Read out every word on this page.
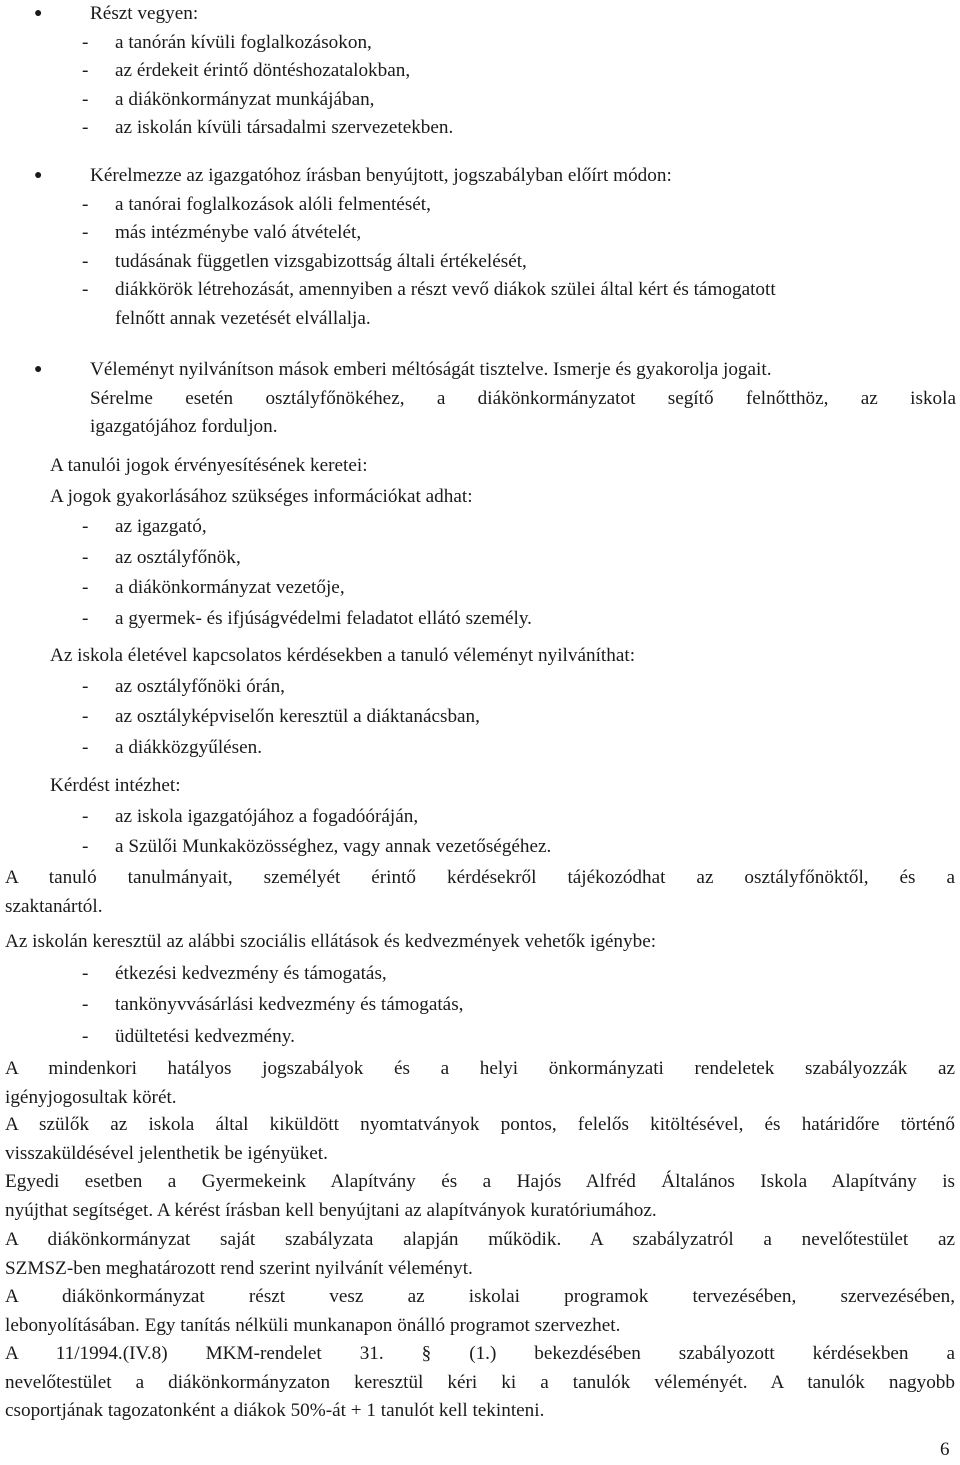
● Részt vegyen:
- a tanórán kívüli foglalkozásokon,
- az érdekeit érintő döntéshozatalokban,
- a diákönkormányzat munkájában,
- az iskolán kívüli társadalmi szervezetekben.
● Kérelmezze az igazgatóhoz írásban benyújtott, jogszabályban előírt módon:
- a tanórai foglalkozások alóli felmentését,
- más intézménybe való átvételét,
- tudásának független vizsgabizottság általi értékelését,
- diákkörök létrehozását, amennyiben a részt vevő diákok szülei által kért és támogatott
felnőtt annak vezetését elvállalja.
● Véleményt nyilvánítson mások emberi méltóságát tisztelve. Ismerje és gyakorolja jogait.
Sérelme esetén osztályfőnökéhez, a diákönkormányzatot segítő felnőtthöz, az iskola
igazgatójához forduljon.
A tanulói jogok érvényesítésének keretei:
A jogok gyakorlásához szükséges információkat adhat:
- az igazgató,
- az osztályfőnök,
- a diákönkormányzat vezetője,
- a gyermek- és ifjúságvédelmi feladatot ellátó személy.
Az iskola életével kapcsolatos kérdésekben a tanuló véleményt nyilváníthat:
- az osztályfőnöki órán,
- az osztályképviselőn keresztül a diáktanácsban,
- a diákközgyűlésen.
Kérdést intézhet:
- az iskola igazgatójához a fogadóóráján,
- a Szülői Munkaközösséghez, vagy annak vezetőségéhez.
A tanuló tanulmányait, személyét érintő kérdésekről tájékozódhat az osztályfőnöktől, és a
szaktanártól.
Az iskolán keresztül az alábbi szociális ellátások és kedvezmények vehetők igénybe:
- étkezési kedvezmény és támogatás,
- tankönyvvásárlási kedvezmény és támogatás,
- üdültetési kedvezmény.
A mindenkori hatályos jogszabályok és a helyi önkormányzati rendeletek szabályozzák az
igényjogosultak körét.
A szülők az iskola által kiküldött nyomtatványok pontos, felelős kitöltésével, és határidőre történő
visszaküldésével jelenthetik be igényüket.
Egyedi esetben a Gyermekeink Alapítvány és a Hajós Alfréd Általános Iskola Alapítvány is
nyújthat segítséget. A kérést írásban kell benyújtani az alapítványok kuratóriumához.
A diákönkormányzat saját szabályzata alapján működik. A szabályzatról a nevelőtestület az
SZMSZ-ben meghatározott rend szerint nyilvánít véleményt.
A diákönkormányzat részt vesz az iskolai programok tervezésében, szervezésében,
lebonyolításában. Egy tanítás nélküli munkanapon önálló programot szervezhet.
A 11/1994.(IV.8) MKM-rendelet 31. § (1.) bekezdésében szabályozott kérdésekben a
nevelőtestület a diákönkormányzaton keresztül kéri ki a tanulók véleményét. A tanulók nagyobb
csoportjának tagozatonként a diákok 50%-át + 1 tanulót kell tekinteni.
6
